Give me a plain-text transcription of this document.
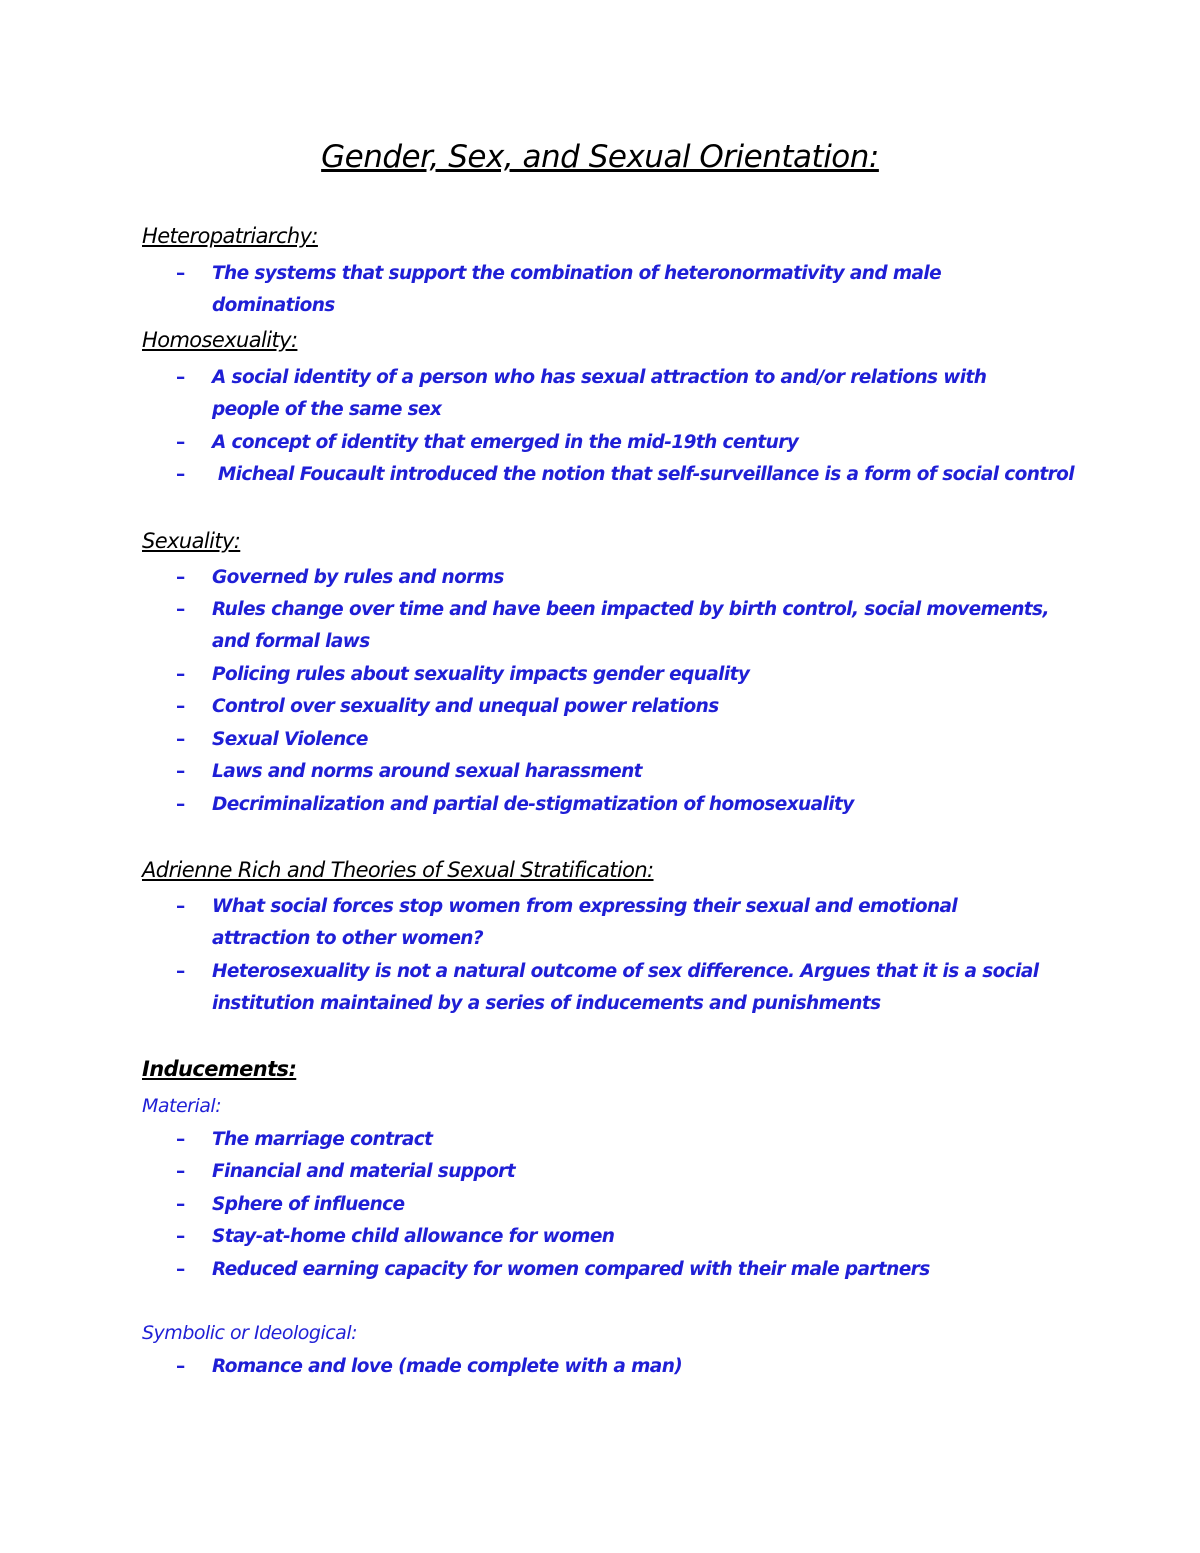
Gender, Sex, and Sexual Orientation:
Heteropatriarchy:
–	The systems that support the combination of heteronormativity and male dominations
Homosexuality:
–	A social identity of a person who has sexual attraction to and/or relations with people of the same sex
–	A concept of identity that emerged in the mid-19th century
–	Micheal Foucault introduced the notion that self-surveillance is a form of social control
Sexuality:
–	Governed by rules and norms
–	Rules change over time and have been impacted by birth control, social movements, and formal laws
–	Policing rules about sexuality impacts gender equality
–	Control over sexuality and unequal power relations
–	Sexual Violence
–	Laws and norms around sexual harassment
–	Decriminalization and partial de-stigmatization of homosexuality
Adrienne Rich and Theories of Sexual Stratification:
–	What social forces stop women from expressing their sexual and emotional attraction to other women?
–	Heterosexuality is not a natural outcome of sex difference. Argues that it is a social institution maintained by a series of inducements and punishments
Inducements:
Material:
–	The marriage contract
–	Financial and material support
–	Sphere of influence
–	Stay-at-home child allowance for women
–	Reduced earning capacity for women compared with their male partners
Symbolic or Ideological:
–	Romance and love (made complete with a man)
